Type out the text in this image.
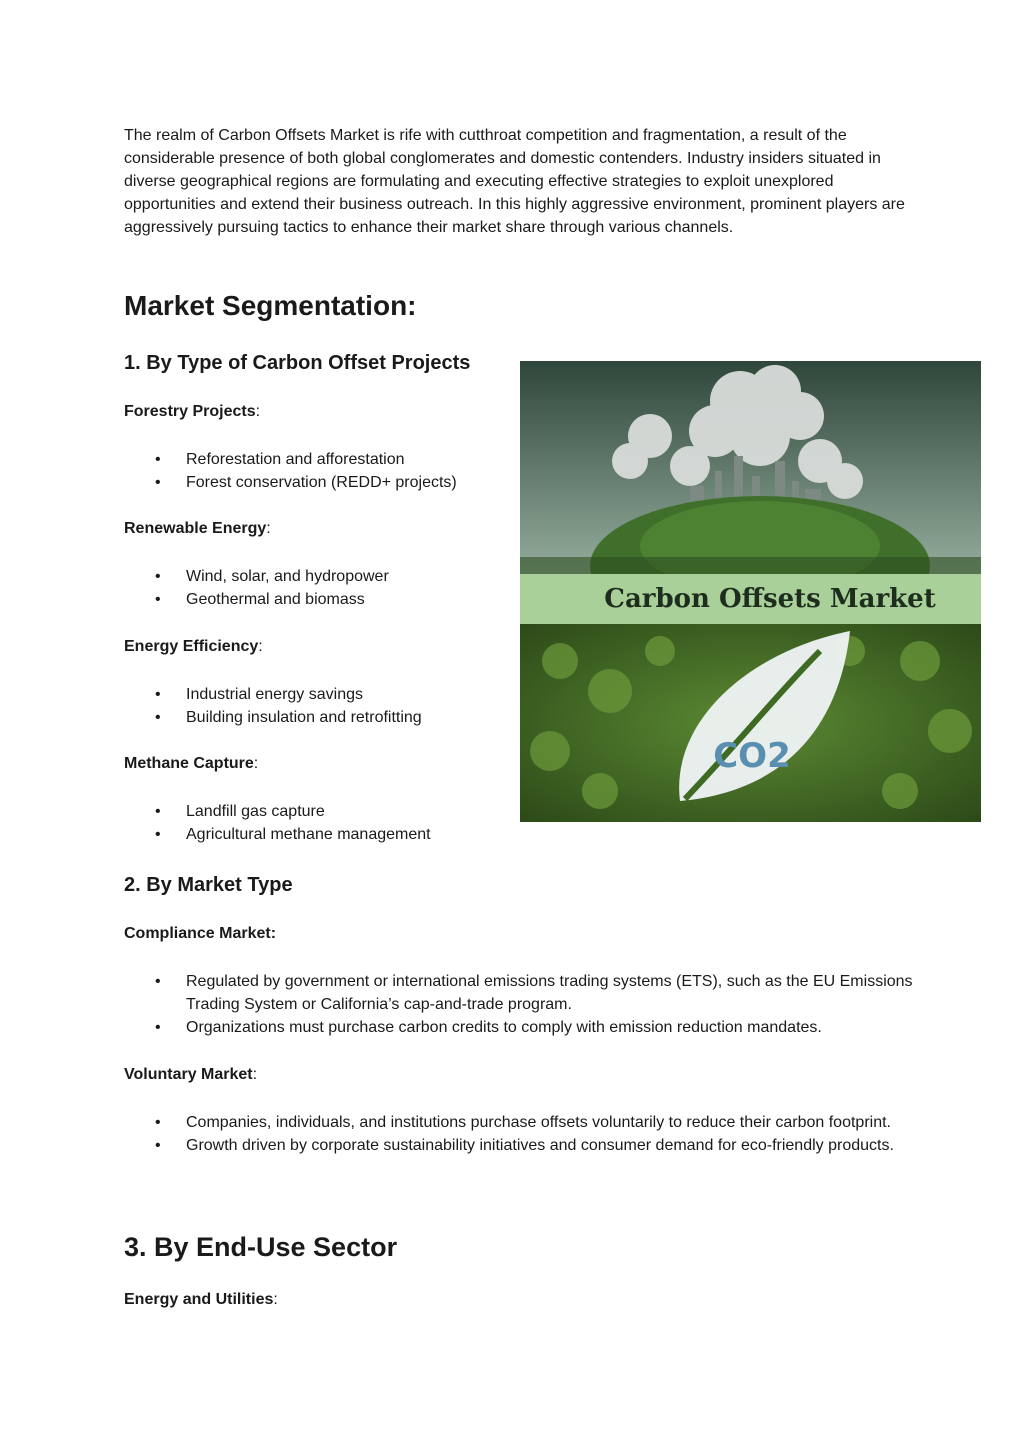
The realm of Carbon Offsets Market is rife with cutthroat competition and fragmentation, a result of the considerable presence of both global conglomerates and domestic contenders. Industry insiders situated in diverse geographical regions are formulating and executing effective strategies to exploit unexplored opportunities and extend their business outreach. In this highly aggressive environment, prominent players are aggressively pursuing tactics to enhance their market share through various channels.
Market Segmentation:
1. By Type of Carbon Offset Projects
Forestry Projects:
• Reforestation and afforestation
• Forest conservation (REDD+ projects)
Renewable Energy:
• Wind, solar, and hydropower
• Geothermal and biomass
Energy Efficiency:
• Industrial energy savings
• Building insulation and retrofitting
Methane Capture:
• Landfill gas capture
• Agricultural methane management
2. By Market Type
Compliance Market:
• Regulated by government or international emissions trading systems (ETS), such as the EU Emissions Trading System or California’s cap-and-trade program.
• Organizations must purchase carbon credits to comply with emission reduction mandates.
Voluntary Market:
• Companies, individuals, and institutions purchase offsets voluntarily to reduce their carbon footprint.
• Growth driven by corporate sustainability initiatives and consumer demand for eco-friendly products.
3. By End-Use Sector
Energy and Utilities:
Carbon Offsets Market
CO2
